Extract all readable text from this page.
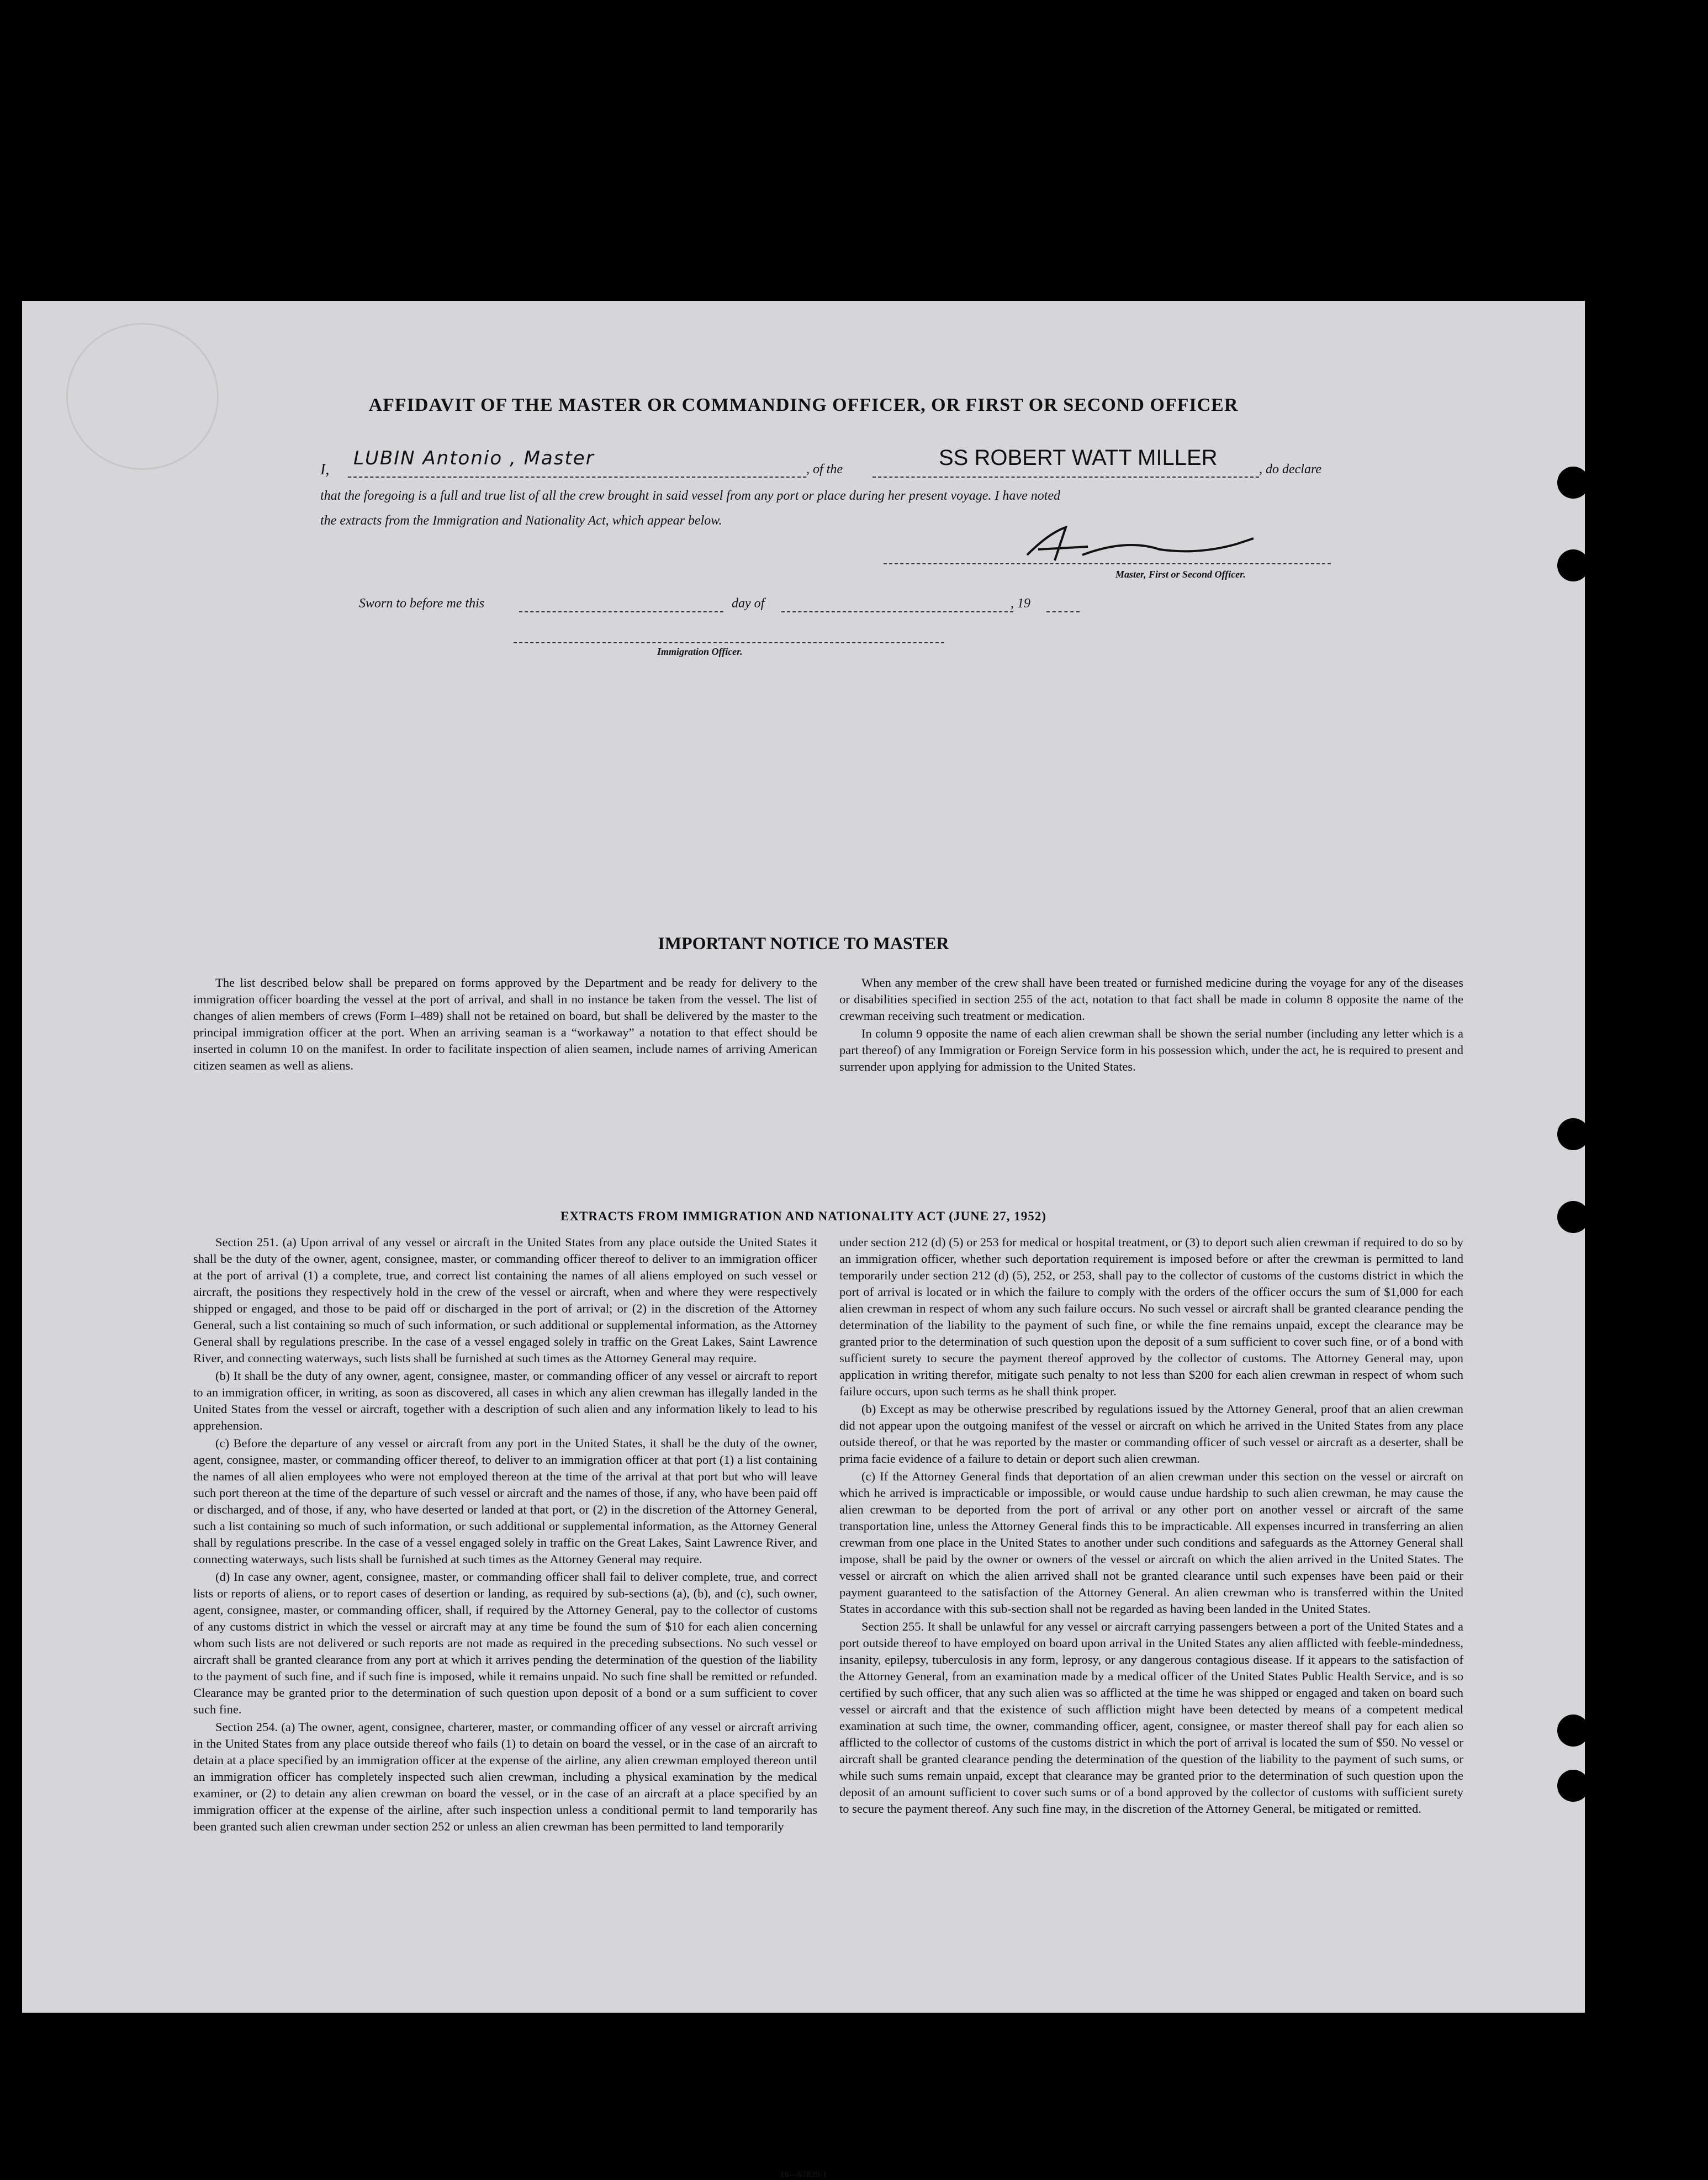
AFFIDAVIT OF THE MASTER OR COMMANDING OFFICER, OR FIRST OR SECOND OFFICER
I,
LUBIN Antonio , Master	, of the	SS ROBERT WATT MILLER	, do declare
that the foregoing is a full and true list of all the crew brought in said vessel from any port or place during her present voyage. I have noted
the extracts from the Immigration and Nationality Act, which appear below.
Master, First or Second Officer.
Sworn to before me this	day of	, 19
Immigration Officer.
IMPORTANT NOTICE TO MASTER

The list described below shall be prepared on forms approved by the Department and be ready for delivery to the immigration officer boarding the vessel at the port of arrival, and shall in no instance be taken from the vessel. The list of changes of alien members of crews (Form I–489) shall not be retained on board, but shall be delivered by the master to the principal immigration officer at the port. When an arriving seaman is a “workaway” a notation to that effect should be inserted in column 10 on the manifest. In order to facilitate inspection of alien seamen, include names of arriving American citizen seamen as well as aliens.

When any member of the crew shall have been treated or furnished medicine during the voyage for any of the diseases or disabilities specified in section 255 of the act, notation to that fact shall be made in column 8 opposite the name of the crewman receiving such treatment or medication.

In column 9 opposite the name of each alien crewman shall be shown the serial number (including any letter which is a part thereof) of any Immigration or Foreign Service form in his possession which, under the act, he is required to present and surrender upon applying for admission to the United States.

EXTRACTS FROM IMMIGRATION AND NATIONALITY ACT (JUNE 27, 1952)

Section 251. (a) Upon arrival of any vessel or aircraft in the United States from any place outside the United States it shall be the duty of the owner, agent, consignee, master, or commanding officer thereof to deliver to an immigration officer at the port of arrival (1) a complete, true, and correct list containing the names of all aliens employed on such vessel or aircraft, the positions they respectively hold in the crew of the vessel or aircraft, when and where they were respectively shipped or engaged, and those to be paid off or discharged in the port of arrival; or (2) in the discretion of the Attorney General, such a list containing so much of such information, or such additional or supplemental information, as the Attorney General shall by regulations prescribe. In the case of a vessel engaged solely in traffic on the Great Lakes, Saint Lawrence River, and connecting waterways, such lists shall be furnished at such times as the Attorney General may require.

(b) It shall be the duty of any owner, agent, consignee, master, or commanding officer of any vessel or aircraft to report to an immigration officer, in writing, as soon as discovered, all cases in which any alien crewman has illegally landed in the United States from the vessel or aircraft, together with a description of such alien and any information likely to lead to his apprehension.

(c) Before the departure of any vessel or aircraft from any port in the United States, it shall be the duty of the owner, agent, consignee, master, or commanding officer thereof, to deliver to an immigration officer at that port (1) a list containing the names of all alien employees who were not employed thereon at the time of the arrival at that port but who will leave such port thereon at the time of the departure of such vessel or aircraft and the names of those, if any, who have been paid off or discharged, and of those, if any, who have deserted or landed at that port, or (2) in the discretion of the Attorney General, such a list containing so much of such information, or such additional or supplemental information, as the Attorney General shall by regulations prescribe. In the case of a vessel engaged solely in traffic on the Great Lakes, Saint Lawrence River, and connecting waterways, such lists shall be furnished at such times as the Attorney General may require.

(d) In case any owner, agent, consignee, master, or commanding officer shall fail to deliver complete, true, and correct lists or reports of aliens, or to report cases of desertion or landing, as required by sub-sections (a), (b), and (c), such owner, agent, consignee, master, or commanding officer, shall, if required by the Attorney General, pay to the collector of customs of any customs district in which the vessel or aircraft may at any time be found the sum of $10 for each alien concerning whom such lists are not delivered or such reports are not made as required in the preceding subsections. No such vessel or aircraft shall be granted clearance from any port at which it arrives pending the determination of the question of the liability to the payment of such fine, and if such fine is imposed, while it remains unpaid. No such fine shall be remitted or refunded. Clearance may be granted prior to the determination of such question upon deposit of a bond or a sum sufficient to cover such fine.

Section 254. (a) The owner, agent, consignee, charterer, master, or commanding officer of any vessel or aircraft arriving in the United States from any place outside thereof who fails (1) to detain on board the vessel, or in the case of an aircraft to detain at a place specified by an immigration officer at the expense of the airline, any alien crewman employed thereon until an immigration officer has completely inspected such alien crewman, including a physical examination by the medical examiner, or (2) to detain any alien crewman on board the vessel, or in the case of an aircraft at a place specified by an immigration officer at the expense of the airline, after such inspection unless a conditional permit to land temporarily has been granted such alien crewman under section 252 or unless an alien crewman has been permitted to land temporarily

under section 212 (d) (5) or 253 for medical or hospital treatment, or (3) to deport such alien crewman if required to do so by an immigration officer, whether such deportation requirement is imposed before or after the crewman is permitted to land temporarily under section 212 (d) (5), 252, or 253, shall pay to the collector of customs of the customs district in which the port of arrival is located or in which the failure to comply with the orders of the officer occurs the sum of $1,000 for each alien crewman in respect of whom any such failure occurs. No such vessel or aircraft shall be granted clearance pending the determination of the liability to the payment of such fine, or while the fine remains unpaid, except the clearance may be granted prior to the determination of such question upon the deposit of a sum sufficient to cover such fine, or of a bond with sufficient surety to secure the payment thereof approved by the collector of customs. The Attorney General may, upon application in writing therefor, mitigate such penalty to not less than $200 for each alien crewman in respect of whom such failure occurs, upon such terms as he shall think proper.

(b) Except as may be otherwise prescribed by regulations issued by the Attorney General, proof that an alien crewman did not appear upon the outgoing manifest of the vessel or aircraft on which he arrived in the United States from any place outside thereof, or that he was reported by the master or commanding officer of such vessel or aircraft as a deserter, shall be prima facie evidence of a failure to detain or deport such alien crewman.

(c) If the Attorney General finds that deportation of an alien crewman under this section on the vessel or aircraft on which he arrived is impracticable or impossible, or would cause undue hardship to such alien crewman, he may cause the alien crewman to be deported from the port of arrival or any other port on another vessel or aircraft of the same transportation line, unless the Attorney General finds this to be impracticable. All expenses incurred in transferring an alien crewman from one place in the United States to another under such conditions and safeguards as the Attorney General shall impose, shall be paid by the owner or owners of the vessel or aircraft on which the alien arrived in the United States. The vessel or aircraft on which the alien arrived shall not be granted clearance until such expenses have been paid or their payment guaranteed to the satisfaction of the Attorney General. An alien crewman who is transferred within the United States in accordance with this sub-section shall not be regarded as having been landed in the United States.

Section 255. It shall be unlawful for any vessel or aircraft carrying passengers between a port of the United States and a port outside thereof to have employed on board upon arrival in the United States any alien afflicted with feeble-mindedness, insanity, epilepsy, tuberculosis in any form, leprosy, or any dangerous contagious disease. If it appears to the satisfaction of the Attorney General, from an examination made by a medical officer of the United States Public Health Service, and is so certified by such officer, that any such alien was so afflicted at the time he was shipped or engaged and taken on board such vessel or aircraft and that the existence of such affliction might have been detected by means of a competent medical examination at such time, the owner, commanding officer, agent, consignee, or master thereof shall pay for each alien so afflicted to the collector of customs of the customs district in which the port of arrival is located the sum of $50. No vessel or aircraft shall be granted clearance pending the determination of the question of the liability to the payment of such sums, or while such sums remain unpaid, except that clearance may be granted prior to the determination of such question upon the deposit of an amount sufficient to cover such sums or of a bond approved by the collector of customs with sufficient surety to secure the payment thereof. Any such fine may, in the discretion of the Attorney General, be mitigated or remitted.

16—67829-1
